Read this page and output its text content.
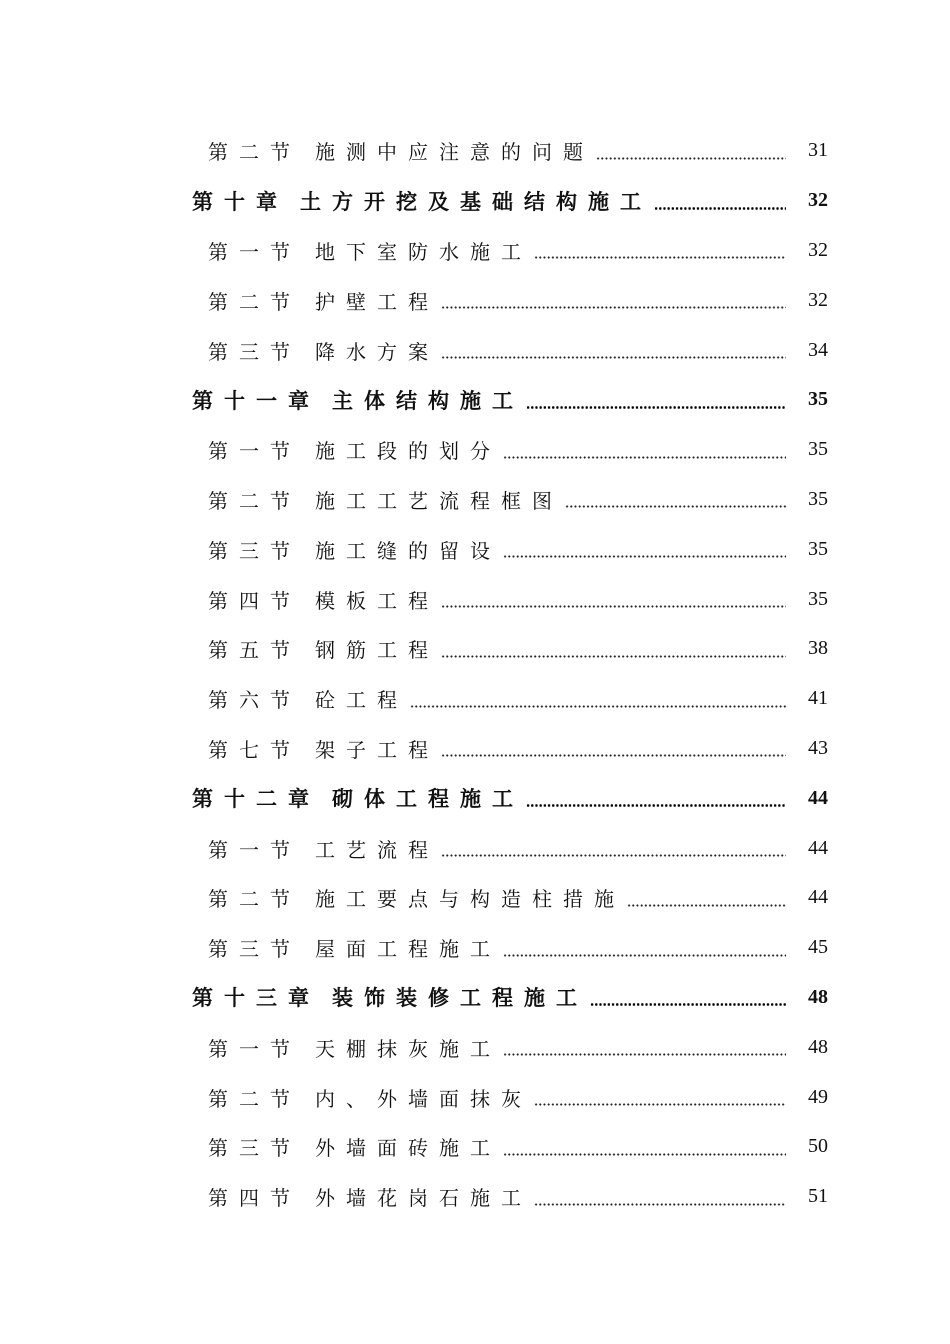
第二节 施测中应注意的问题	31
第十章 土方开挖及基础结构施工	32
第一节 地下室防水施工	32
第二节 护壁工程	32
第三节 降水方案	34
第十一章 主体结构施工	35
第一节 施工段的划分	35
第二节 施工工艺流程框图	35
第三节 施工缝的留设	35
第四节 模板工程	35
第五节 钢筋工程	38
第六节 砼工程	41
第七节 架子工程	43
第十二章 砌体工程施工	44
第一节 工艺流程	44
第二节 施工要点与构造柱措施	44
第三节 屋面工程施工	45
第十三章 装饰装修工程施工	48
第一节 天棚抹灰施工	48
第二节 内、外墙面抹灰	49
第三节 外墙面砖施工	50
第四节 外墙花岗石施工	51
